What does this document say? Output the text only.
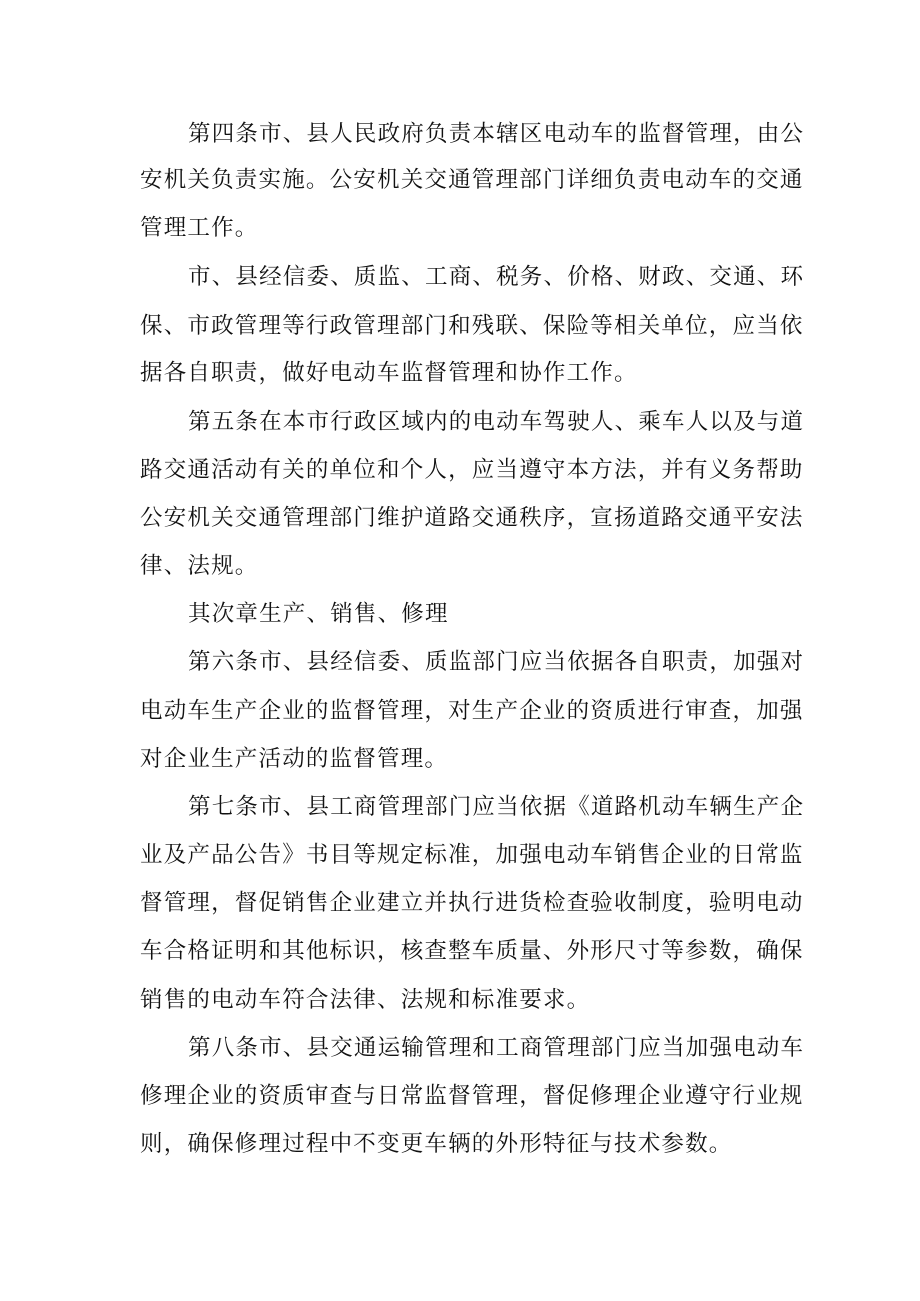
第四条市、县人民政府负责本辖区电动车的监督管理，由公
安机关负责实施。公安机关交通管理部门详细负责电动车的交通
管理工作。
市、县经信委、质监、工商、税务、价格、财政、交通、环
保、市政管理等行政管理部门和残联、保险等相关单位，应当依
据各自职责，做好电动车监督管理和协作工作。
第五条在本市行政区域内的电动车驾驶人、乘车人以及与道
路交通活动有关的单位和个人，应当遵守本方法，并有义务帮助
公安机关交通管理部门维护道路交通秩序，宣扬道路交通平安法
律、法规。
其次章生产、销售、修理
第六条市、县经信委、质监部门应当依据各自职责，加强对
电动车生产企业的监督管理，对生产企业的资质进行审查，加强
对企业生产活动的监督管理。
第七条市、县工商管理部门应当依据《道路机动车辆生产企
业及产品公告》书目等规定标准，加强电动车销售企业的日常监
督管理，督促销售企业建立并执行进货检查验收制度，验明电动
车合格证明和其他标识，核查整车质量、外形尺寸等参数，确保
销售的电动车符合法律、法规和标准要求。
第八条市、县交通运输管理和工商管理部门应当加强电动车
修理企业的资质审查与日常监督管理，督促修理企业遵守行业规
则，确保修理过程中不变更车辆的外形特征与技术参数。
